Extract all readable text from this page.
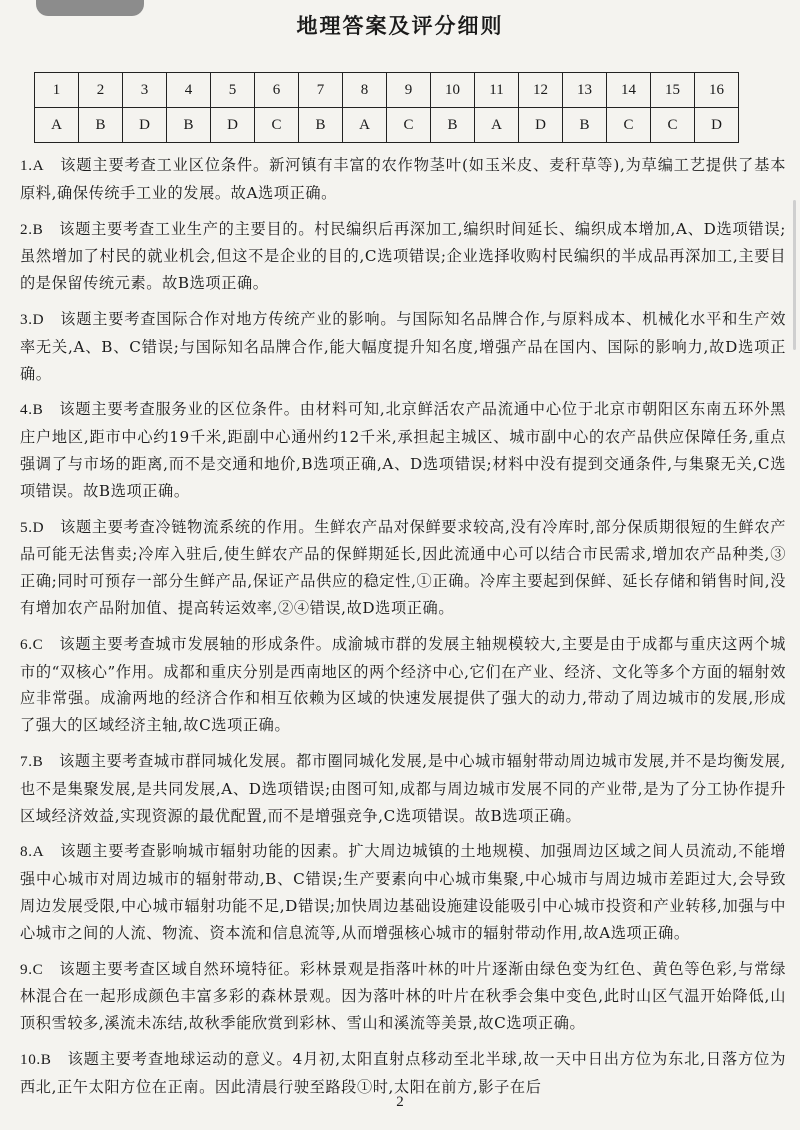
地理答案及评分细则
1	2	3	4	5	6	7	8	9	10	11	12	13	14	15	16
A	B	D	B	D	C	B	A	C	B	A	D	B	C	C	D
1.A  该题主要考查工业区位条件。新河镇有丰富的农作物茎叶(如玉米皮、麦秆草等),为草编工艺提供了基本原料,确保传统手工业的发展。故A选项正确。
2.B  该题主要考查工业生产的主要目的。村民编织后再深加工,编织时间延长、编织成本增加,A、D选项错误;虽然增加了村民的就业机会,但这不是企业的目的,C选项错误;企业选择收购村民编织的半成品再深加工,主要目的是保留传统元素。故B选项正确。
3.D  该题主要考查国际合作对地方传统产业的影响。与国际知名品牌合作,与原料成本、机械化水平和生产效率无关,A、B、C错误;与国际知名品牌合作,能大幅度提升知名度,增强产品在国内、国际的影响力,故D选项正确。
4.B  该题主要考查服务业的区位条件。由材料可知,北京鲜活农产品流通中心位于北京市朝阳区东南五环外黑庄户地区,距市中心约19千米,距副中心通州约12千米,承担起主城区、城市副中心的农产品供应保障任务,重点强调了与市场的距离,而不是交通和地价,B选项正确,A、D选项错误;材料中没有提到交通条件,与集聚无关,C选项错误。故B选项正确。
5.D  该题主要考查冷链物流系统的作用。生鲜农产品对保鲜要求较高,没有冷库时,部分保质期很短的生鲜农产品可能无法售卖;冷库入驻后,使生鲜农产品的保鲜期延长,因此流通中心可以结合市民需求,增加农产品种类,③正确;同时可预存一部分生鲜产品,保证产品供应的稳定性,①正确。冷库主要起到保鲜、延长存储和销售时间,没有增加农产品附加值、提高转运效率,②④错误,故D选项正确。
6.C  该题主要考查城市发展轴的形成条件。成渝城市群的发展主轴规模较大,主要是由于成都与重庆这两个城市的“双核心”作用。成都和重庆分别是西南地区的两个经济中心,它们在产业、经济、文化等多个方面的辐射效应非常强。成渝两地的经济合作和相互依赖为区域的快速发展提供了强大的动力,带动了周边城市的发展,形成了强大的区域经济主轴,故C选项正确。
7.B  该题主要考查城市群同城化发展。都市圈同城化发展,是中心城市辐射带动周边城市发展,并不是均衡发展,也不是集聚发展,是共同发展,A、D选项错误;由图可知,成都与周边城市发展不同的产业带,是为了分工协作提升区域经济效益,实现资源的最优配置,而不是增强竞争,C选项错误。故B选项正确。
8.A  该题主要考查影响城市辐射功能的因素。扩大周边城镇的土地规模、加强周边区域之间人员流动,不能增强中心城市对周边城市的辐射带动,B、C错误;生产要素向中心城市集聚,中心城市与周边城市差距过大,会导致周边发展受限,中心城市辐射功能不足,D错误;加快周边基础设施建设能吸引中心城市投资和产业转移,加强与中心城市之间的人流、物流、资本流和信息流等,从而增强核心城市的辐射带动作用,故A选项正确。
9.C  该题主要考查区域自然环境特征。彩林景观是指落叶林的叶片逐渐由绿色变为红色、黄色等色彩,与常绿林混合在一起形成颜色丰富多彩的森林景观。因为落叶林的叶片在秋季会集中变色,此时山区气温开始降低,山顶积雪较多,溪流未冻结,故秋季能欣赏到彩林、雪山和溪流等美景,故C选项正确。
10.B  该题主要考查地球运动的意义。4月初,太阳直射点移动至北半球,故一天中日出方位为东北,日落方位为西北,正午太阳方位在正南。因此清晨行驶至路段①时,太阳在前方,影子在后
2
